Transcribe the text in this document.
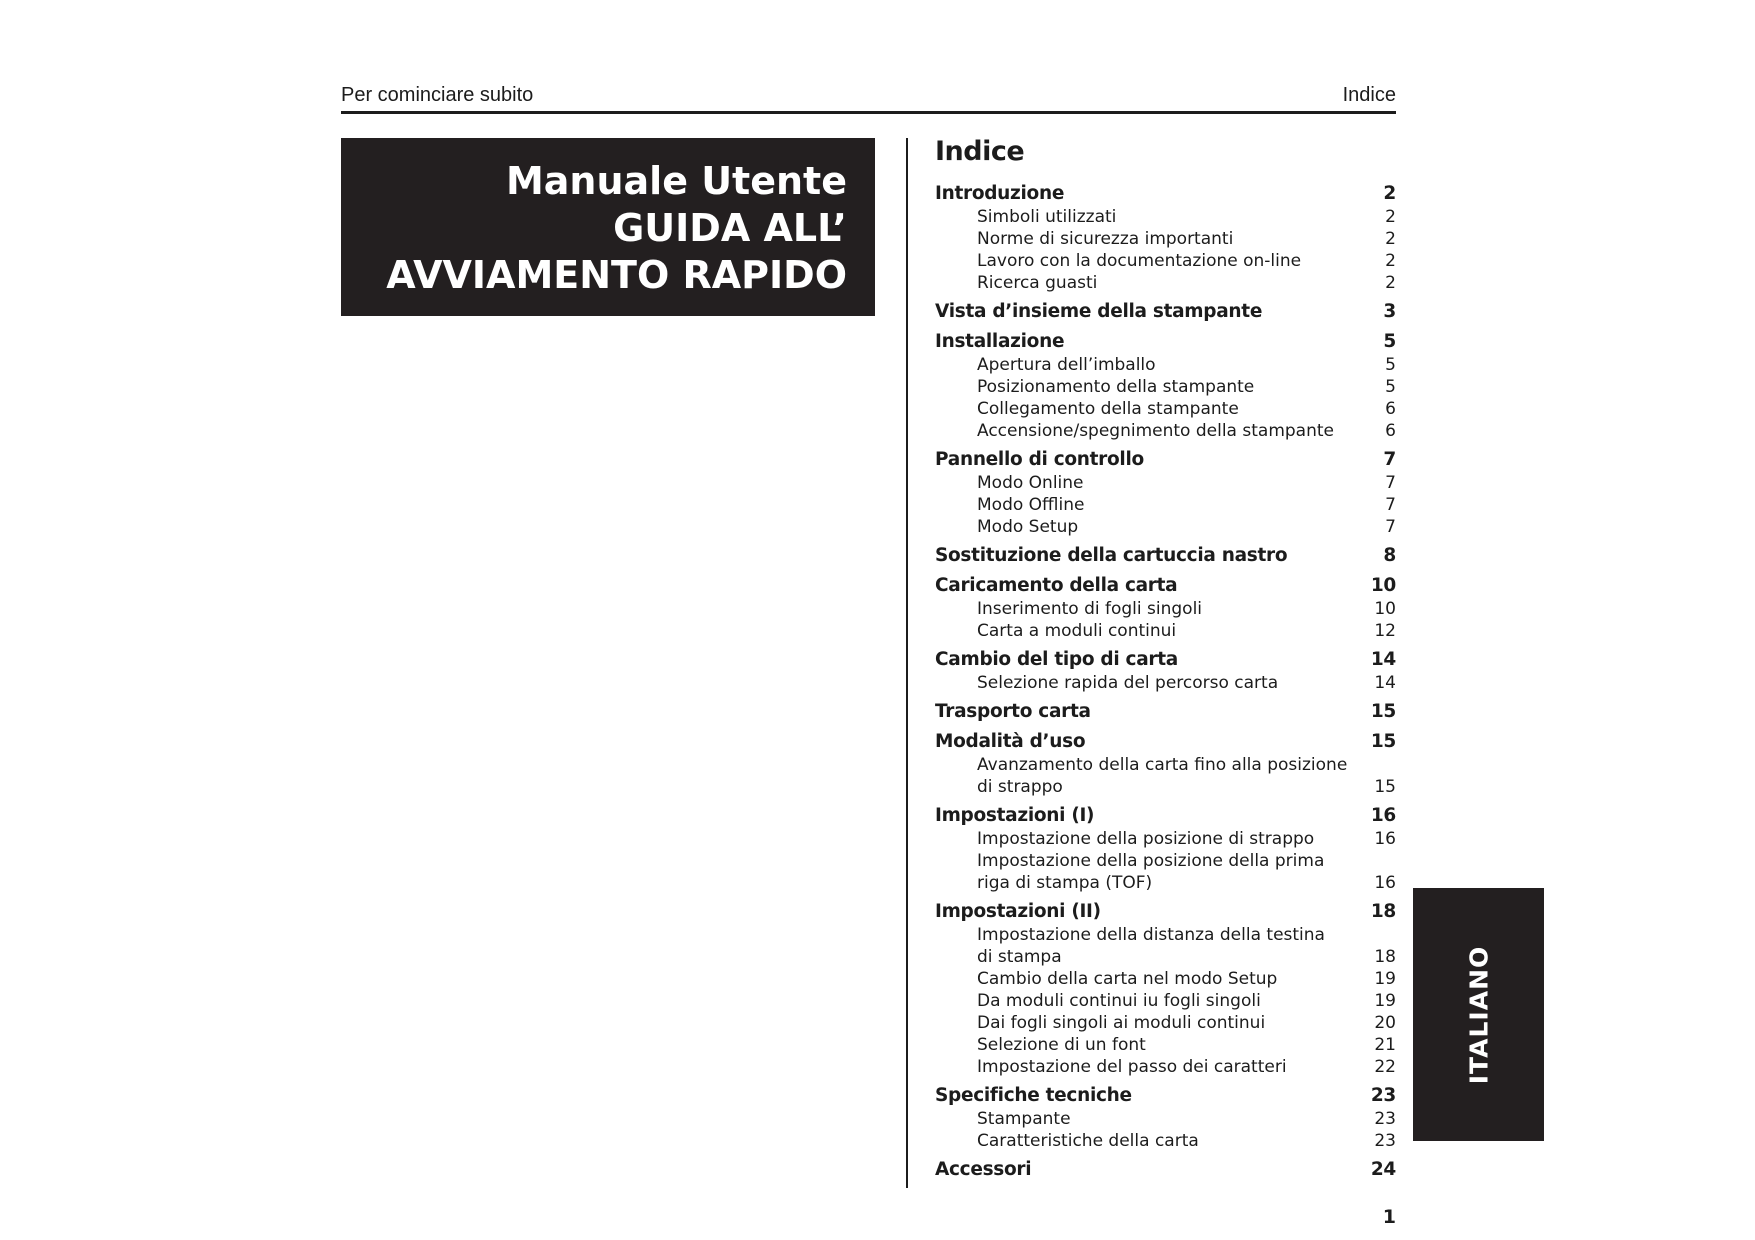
Per cominciare subito	Indice
Manuale Utente
GUIDA ALL’
AVVIAMENTO RAPIDO
Indice
Introduzione	2
Simboli utilizzati	2
Norme di sicurezza importanti	2
Lavoro con la documentazione on-line	2
Ricerca guasti	2
Vista d’insieme della stampante	3
Installazione	5
Apertura dell’imballo	5
Posizionamento della stampante	5
Collegamento della stampante	6
Accensione/spegnimento della stampante	6
Pannello di controllo	7
Modo Online	7
Modo Offline	7
Modo Setup	7
Sostituzione della cartuccia nastro	8
Caricamento della carta	10
Inserimento di fogli singoli	10
Carta a moduli continui	12
Cambio del tipo di carta	14
Selezione rapida del percorso carta	14
Trasporto carta	15
Modalità d’uso	15
Avanzamento della carta fino alla posizione
di strappo	15
Impostazioni (I)	16
Impostazione della posizione di strappo	16
Impostazione della posizione della prima
riga di stampa (TOF)	16
Impostazioni (II)	18
Impostazione della distanza della testina
di stampa	18
Cambio della carta nel modo Setup	19
Da moduli continui iu fogli singoli	19
Dai fogli singoli ai moduli continui	20
Selezione di un font	21
Impostazione del passo dei caratteri	22
Specifiche tecniche	23
Stampante	23
Caratteristiche della carta	23
Accessori	24
ITALIANO
1
